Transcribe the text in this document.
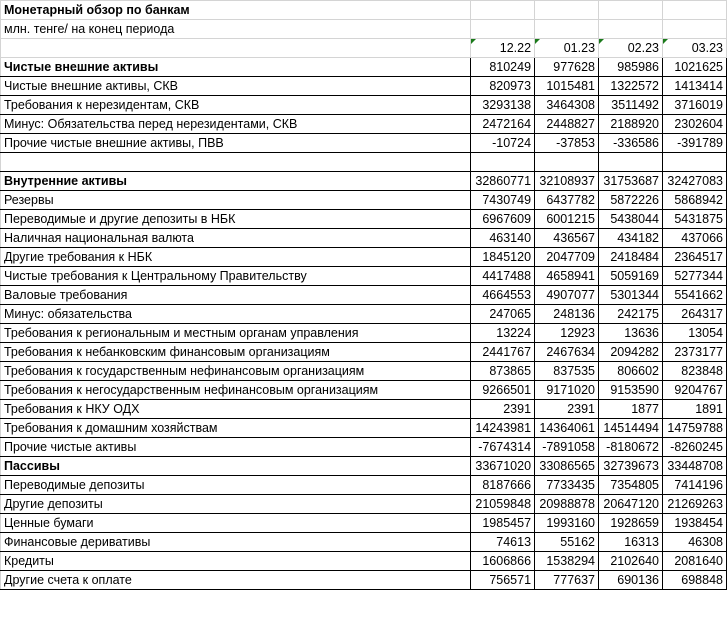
Монетарный обзор по банкам				
млн. тенге/ на конец периода				

12.22	01.23	02.23	03.23
Чистые внешние активы	810249	977628	985986	1021625
Чистые внешние активы, СКВ	820973	1015481	1322572	1413414
Требования к нерезидентам, СКВ	3293138	3464308	3511492	3716019
Минус: Обязательства перед нерезидентами, СКВ	2472164	2448827	2188920	2302604
Прочие чистые внешние активы, ПВВ	-10724	-37853	-336586	-391789

Внутренние активы	32860771	32108937	31753687	32427083
Резервы	7430749	6437782	5872226	5868942
Переводимые и другие депозиты в НБК	6967609	6001215	5438044	5431875
Наличная национальная валюта	463140	436567	434182	437066
Другие требования к НБК	1845120	2047709	2418484	2364517
Чистые требования к Центральному Правительству	4417488	4658941	5059169	5277344
Валовые требования	4664553	4907077	5301344	5541662
Минус: обязательства	247065	248136	242175	264317
Требования к региональным и местным органам управления	13224	12923	13636	13054
Требования к небанковским финансовым организациям	2441767	2467634	2094282	2373177
Требования к государственным нефинансовым организациям	873865	837535	806602	823848
Требования к негосударственным нефинансовым организациям	9266501	9171020	9153590	9204767
Требования к НКУ ОДХ	2391	2391	1877	1891
Требования к домашним хозяйствам	14243981	14364061	14514494	14759788
Прочие чистые активы	-7674314	-7891058	-8180672	-8260245
Пассивы	33671020	33086565	32739673	33448708
Переводимые депозиты	8187666	7733435	7354805	7414196
Другие депозиты	21059848	20988878	20647120	21269263
Ценные бумаги	1985457	1993160	1928659	1938454
Финансовые деривативы	74613	55162	16313	46308
Кредиты	1606866	1538294	2102640	2081640
Другие счета к оплате	756571	777637	690136	698848
